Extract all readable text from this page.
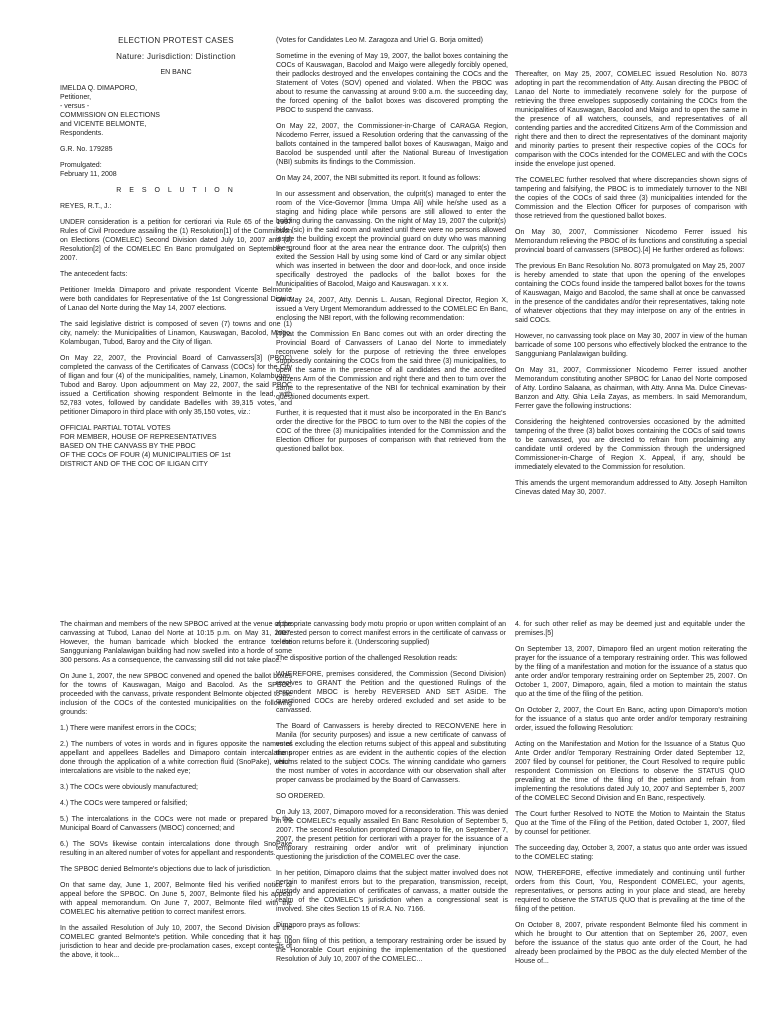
ELECTION PROTEST CASES

Nature: Jurisdiction: Distinction

EN BANC

IMELDA Q. DIMAPORO,

Petitioner,

- versus -

COMMISSION ON ELECTIONS

and VICENTE BELMONTE,

Respondents.

G.R. No. 179285

Promulgated:

February 11, 2008

R E S O L U T I O N

REYES, R.T., J.:

UNDER consideration is a petition for certiorari via Rule 65 of the 1997 Rules of Civil Procedure assailing the (1) Resolution[1] of the Commission on Elections (COMELEC) Second Division dated July 10, 2007 and (2) Resolution[2] of the COMELEC En Banc promulgated on September 5, 2007.

The antecedent facts:

Petitioner Imelda Dimaporo and private respondent Vicente Belmonte were both candidates for Representative of the 1st Congressional District of Lanao del Norte during the May 14, 2007 elections.

The said legislative district is composed of seven (7) towns and one (1) city, namely: the Municipalities of Linamon, Kauswagan, Bacolod, Maigo, Kolambugan, Tubod, Baroy and the City of Iligan.

On May 22, 2007, the Provincial Board of Canvassers[3] (PBOC) completed the canvass of the Certificates of Canvass (COCs) for the City of Iligan and four (4) of the municipalities, namely, Linamon, Kolambugan, Tubod and Baroy. Upon adjournment on May 22, 2007, the said PBOC issued a Certification showing respondent Belmonte in the lead, with 52,783 votes, followed by candidate Badelles with 39,315 votes, and petitioner Dimaporo in third place with only 35,150 votes, viz.:

OFFICIAL PARTIAL TOTAL VOTES

FOR MEMBER, HOUSE OF REPRESENTATIVES

BASED ON THE CANVASS BY THE PBOC

OF THE COCs OF FOUR (4) MUNICIPALITIES OF 1st

DISTRICT AND OF THE COC OF ILIGAN CITY

(Votes for Candidates Leo M. Zaragoza and Uriel G. Borja omitted)

Sometime in the evening of May 19, 2007, the ballot boxes containing the COCs of Kauswagan, Bacolod and Maigo were allegedly forcibly opened, their padlocks destroyed and the envelopes containing the COCs and the Statement of Votes (SOV) opened and violated. When the PBOC was about to resume the canvassing at around 9:00 a.m. the succeeding day, the forced opening of the ballot boxes was discovered prompting the PBOC to suspend the canvass.

On May 22, 2007, the Commissioner-in-Charge of CARAGA Region, Nicodemo Ferrer, issued a Resolution ordering that the canvassing of the ballots contained in the tampered ballot boxes of Kauswagan, Maigo and Bacolod be suspended until after the National Bureau of Investigation (NBI) submits its findings to the Commission.

On May 24, 2007, the NBI submitted its report. It found as follows:

In our assessment and observation, the culprit(s) managed to enter the room of the Vice-Governor [Imma Umpa Ali] while he/she used as a staging and hiding place while persons are still allowed to enter the building during the canvassing. On the night of May 19, 2007 the culprit(s) hide (sic) in the said room and waited until there were no persons allowed inside the building except the provincial guard on duty who was manning the ground floor at the area near the entrance door. The culprit(s) then exited the Session Hall by using some kind of Card or any similar object which was inserted in between the door and door-lock, and once inside specifically destroyed the padlocks of the ballot boxes for the Municipalities of Bacolod, Maigo and Kauswagan. x x x.

On May 24, 2007, Atty. Dennis L. Ausan, Regional Director, Region X, issued a Very Urgent Memorandum addressed to the COMELEC En Banc, enclosing the NBI report, with the following recommendation:

[T]hat the Commission En Banc comes out with an order directing the Provincial Board of Canvassers of Lanao del Norte to immediately reconvene solely for the purpose of retrieving the three envelopes supposedly containing the COCs from the said three (3) municipalities, to open the same in the presence of all candidates and the accredited Citizens Arm of the Commission and right there and then to turn over the same to the representative of the NBI for technical examination by their questioned documents expert.

Further, it is requested that it must also be incorporated in the En Banc's order the directive for the PBOC to turn over to the NBI the copies of the COC of the three (3) municipalities intended for the Commission and the Election Officer for purposes of comparison with that retrieved from the questioned ballot box.

Thereafter, on May 25, 2007, COMELEC issued Resolution No. 8073 adopting in part the recommendation of Atty. Ausan directing the PBOC of Lanao del Norte to immediately reconvene solely for the purpose of retrieving the three envelopes supposedly containing the COCs from the municipalities of Kauswagan, Bacolod and Maigo and to open the same in the presence of all watchers, counsels, and representatives of all contending parties and the accredited Citizens Arm of the Commission and right there and then to direct the representatives of the dominant majority and minority parties to present their respective copies of the COCs for comparison with the COCs intended for the COMELEC and with the COCs inside the envelope just opened.

The COMELEC further resolved that where discrepancies shown signs of tampering and falsifying, the PBOC is to immediately turnover to the NBI the copies of the COCs of said three (3) municipalities intended for the Commission and the Election Officer for purposes of comparison with those retrieved from the questioned ballot boxes.

On May 30, 2007, Commissioner Nicodemo Ferrer issued his Memorandum relieving the PBOC of its functions and constituting a special provincial board of canvassers (SPBOC).[4] He further ordered as follows:

The previous En Banc Resolution No. 8073 promulgated on May 25, 2007 is hereby amended to state that upon the opening of the envelopes containing the COCs found inside the tampered ballot boxes for the towns of Kauswagan, Maigo and Bacolod, the same shall at once be canvassed in the presence of the candidates and/or their representatives, taking note of whatever objections that they may interpose on any of the entries in said COCs.

However, no canvassing took place on May 30, 2007 in view of the human barricade of some 100 persons who effectively blocked the entrance to the Sangguniang Panlalawigan building.

On May 31, 2007, Commissioner Nicodemo Ferrer issued another Memorandum constituting another SPBOC for Lanao del Norte composed of Atty. Lordino Salaana, as chairman, with Atty. Anna Ma. Dulce Cinevas-Banzon and Atty. Ghia Leila Zayas, as members. In said Memorandum, Ferrer gave the following instructions:

Considering the heightened controversies occasioned by the admitted tampering of the three (3) ballot boxes containing the COCs of said towns to be canvassed, you are directed to refrain from proclaiming any candidate until ordered by the Commission through the undersigned Commissioner-in-Charge of Region X. Appeal, if any, should be immediately elevated to the Commission for resolution.

This amends the urgent memorandum addressed to Atty. Joseph Hamilton Cinevas dated May 30, 2007.

The chairman and members of the new SPBOC arrived at the venue of the canvassing at Tubod, Lanao del Norte at 10:15 p.m. on May 31, 2007. However, the human barricade which blocked the entrance to the Sangguniang Panlalawigan building had now swelled into a horde of some 300 persons. As a consequence, the canvassing still did not take place.

On June 1, 2007, the new SPBOC convened and opened the ballot boxes for the towns of Kauswagan, Maigo and Bacolod. As the SPBOC proceeded with the canvass, private respondent Belmonte objected to the inclusion of the COCs of the contested municipalities on the following grounds:

1.) There were manifest errors in the COCs;

2.) The numbers of votes in words and in figures opposite the names of appellant and appellees Badelles and Dimaporo contain intercalations done through the application of a white correction fluid (SnoPake), which intercalations are visible to the naked eye;

3.) The COCs were obviously manufactured;

4.) The COCs were tampered or falsified;

5.) The intercalations in the COCs were not made or prepared by the Municipal Board of Canvassers (MBOC) concerned; and

6.) The SOVs likewise contain intercalations done through SnoPake resulting in an altered number of votes for appellant and respondents.

The SPBOC denied Belmonte's objections due to lack of jurisdiction.

On that same day, June 1, 2007, Belmonte filed his verified notice of appeal before the SPBOC. On June 5, 2007, Belmonte filed his appeal with appeal memorandum. On June 7, 2007, Belmonte filed with the COMELEC his alternative petition to correct manifest errors.

In the assailed Resolution of July 10, 2007, the Second Division of the COMELEC granted Belmonte's petition. While conceding that it has no jurisdiction to hear and decide pre-proclamation cases, except contests of the above, it took...

appropriate canvassing body motu proprio or upon written complaint of an interested person to correct manifest errors in the certificate of canvass or election returns before it. (Underscoring supplied)

The dispositive portion of the challenged Resolution reads:

WHEREFORE, premises considered, the Commission (Second Division) resolves to GRANT the Petition and the questioned Rulings of the respondent MBOC is hereby REVERSED AND SET ASIDE. The questioned COCs are hereby ordered excluded and set aside to be canvassed.

The Board of Canvassers is hereby directed to RECONVENE here in Manila (for security purposes) and issue a new certificate of canvass of votes excluding the election returns subject of this appeal and substituting the proper entries as are evident in the authentic copies of the election returns related to the subject COCs. The winning candidate who garners the most number of votes in accordance with our observation shall after proper canvass be proclaimed by the Board of Canvassers.

SO ORDERED.

On July 13, 2007, Dimaporo moved for a reconsideration. This was denied in the COMELEC's equally assailed En Banc Resolution of September 5, 2007. The second Resolution prompted Dimaporo to file, on September 7, 2007, the present petition for certiorari with a prayer for the issuance of a temporary restraining order and/or writ of preliminary injunction questioning the jurisdiction of the COMELEC over the case.

In her petition, Dimaporo claims that the subject matter involved does not pertain to manifest errors but to the preparation, transmission, receipt, custody and appreciation of certificates of canvass, a matter outside the realm of the COMELEC's jurisdiction when a congressional seat is involved. She cites Section 15 of R.A. No. 7166.

Dimaporo prays as follows:

1. upon filing of this petition, a temporary restraining order be issued by the Honorable Court enjoining the implementation of the questioned Resolution of July 10, 2007 of the COMELEC...

4. for such other relief as may be deemed just and equitable under the premises.[5]

On September 13, 2007, Dimaporo filed an urgent motion reiterating the prayer for the issuance of a temporary restraining order. This was followed by the filing of a manifestation and motion for the issuance of a status quo ante order and/or temporary restraining order on September 25, 2007. On October 1, 2007, Dimaporo, again, filed a motion to maintain the status quo at the time of the filing of the petition.

On October 2, 2007, the Court En Banc, acting upon Dimaporo's motion for the issuance of a status quo ante order and/or temporary restraining order, issued the following Resolution:

Acting on the Manifestation and Motion for the Issuance of a Status Quo Ante Order and/or Temporary Restraining Order dated September 12, 2007 filed by counsel for petitioner, the Court Resolved to require public respondent Commission on Elections to observe the STATUS QUO prevailing at the time of the filing of the petition and refrain from implementing the resolutions dated July 10, 2007 and September 5, 2007 of the COMELEC Second Division and En Banc, respectively.

The Court further Resolved to NOTE the Motion to Maintain the Status Quo at the Time of the Filing of the Petition, dated October 1, 2007, filed by counsel for petitioner.

The succeeding day, October 3, 2007, a status quo ante order was issued to the COMELEC stating:

NOW, THEREFORE, effective immediately and continuing until further orders from this Court, You, Respondent COMELEC, your agents, representatives, or persons acting in your place and stead, are hereby required to observe the STATUS QUO that is prevailing at the time of the filing of the petition.

On October 8, 2007, private respondent Belmonte filed his comment in which he brought to Our attention that on September 26, 2007, even before the issuance of the status quo ante order of the Court, he had already been proclaimed by the PBOC as the duly elected Member of the House of...
